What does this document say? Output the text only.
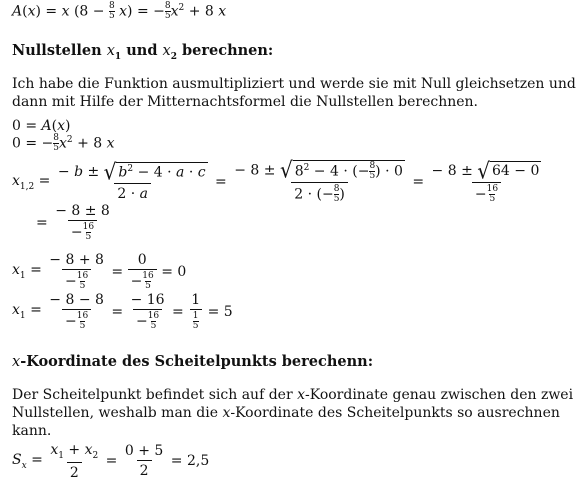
A(x) = x $(8 - \frac{8}{5} x)$ = − $\frac{8}{5} x^2 + 8$ x
Nullstellen $x_1$ und $x_2$ berechnen:
Ich habe die Funktion ausmultipliziert und werde sie mit Null gleichsetzen und
dann mit Hilfe der Mitternachtsformel die Nullstellen berechnen.
0 = A(x)
0 = − $\frac{8}{5} x^2 + 8$ x
$x_{1,2} = \frac{- b \pm √ b^2 - 4 \cdot a \cdot c}{2 \cdot a} = \frac{- 8 \pm √ 8^2 - 4 \cdot (- \frac{8}{5} ) \cdot 0}{2 \cdot (- \frac{8}{5} )} = \frac{- 8 \pm √ 64 - 0}{- \frac{16}{5}}$
= $\frac{- 8 \pm 8}{- \frac{16}{5}}$
$x_1 = \frac{- 8 + 8}{- \frac{16}{5}} = \frac{0}{- \frac{16}{5}} = 0$
$x_1 = \frac{- 8 - 8}{- \frac{16}{5}} = \frac{- 16}{- \frac{16}{5}} = \frac{1}{\frac{1}{5}} = 5$
x-Koordinate des Scheitelpunkts berechenn:
Der Scheitelpunkt befindet sich auf der x-Koordinate genau zwischen den zwei
Nullstellen, weshalb man die x-Koordinate des Scheitelpunkts so ausrechnen
kann.
$S_x = \frac{x_1 + x_2}{2} = \frac{0 + 5}{2} = 2,5$
